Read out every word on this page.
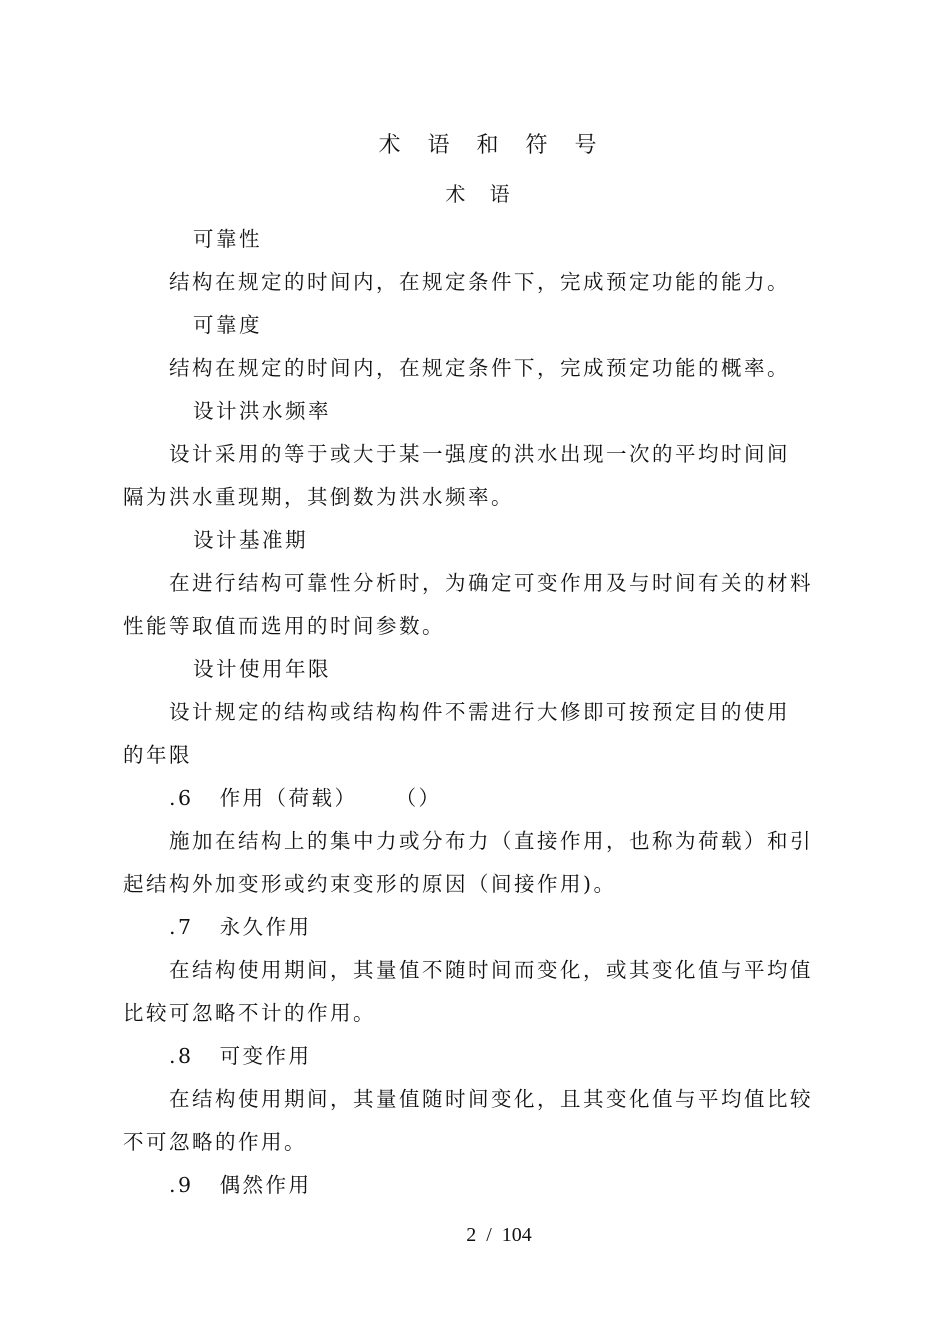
术 语 和 符 号
术 语
可靠性
结构在规定的时间内，在规定条件下，完成预定功能的能力。
可靠度
结构在规定的时间内，在规定条件下，完成预定功能的概率。
设计洪水频率
设计采用的等于或大于某一强度的洪水出现一次的平均时间间
隔为洪水重现期，其倒数为洪水频率。
设计基准期
在进行结构可靠性分析时，为确定可变作用及与时间有关的材料
性能等取值而选用的时间参数。
设计使用年限
设计规定的结构或结构构件不需进行大修即可按预定目的使用
的年限
.6 作用（荷载） （）
施加在结构上的集中力或分布力（直接作用，也称为荷载）和引
起结构外加变形或约束变形的原因（间接作用)。
.7 永久作用
在结构使用期间，其量值不随时间而变化，或其变化值与平均值
比较可忽略不计的作用。
.8 可变作用
在结构使用期间，其量值随时间变化，且其变化值与平均值比较
不可忽略的作用。
.9 偶然作用
2 / 104
